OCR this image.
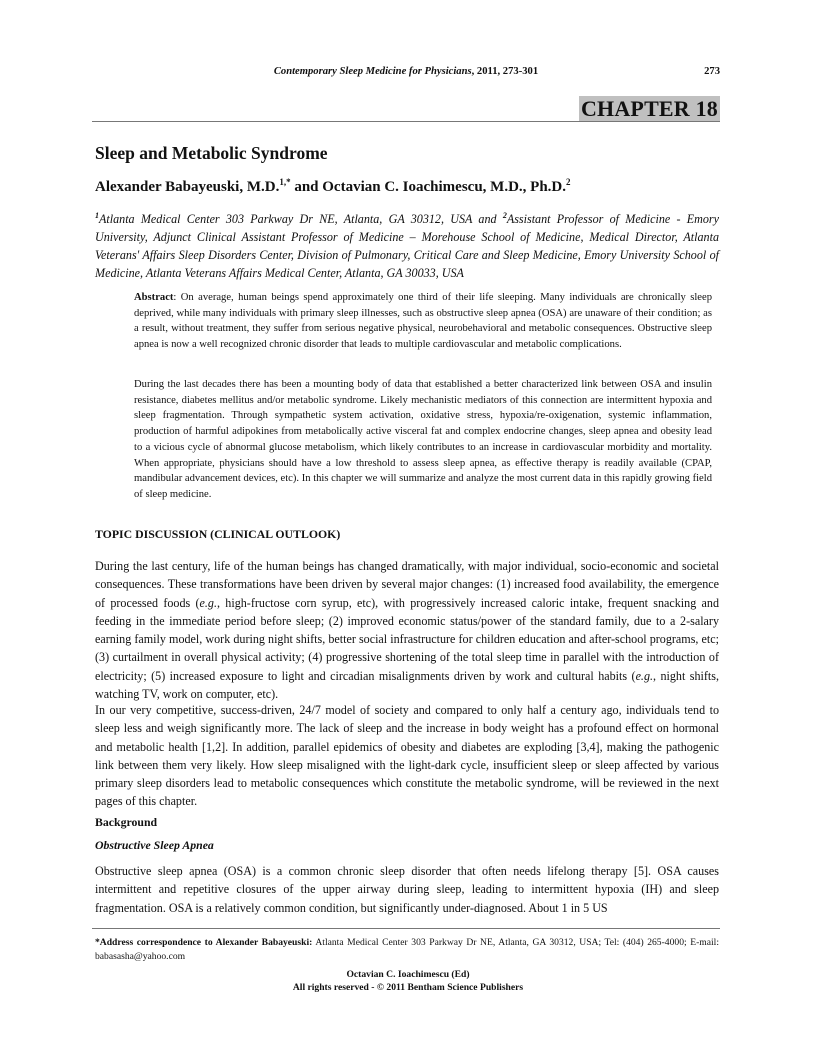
Contemporary Sleep Medicine for Physicians, 2011, 273-301	273
CHAPTER 18
Sleep and Metabolic Syndrome
Alexander Babayeuski, M.D.$^{1,*}$ and Octavian C. Ioachimescu, M.D., Ph.D.$^2$
$^1$Atlanta Medical Center 303 Parkway Dr NE, Atlanta, GA 30312, USA and $^2$Assistant Professor of Medicine - Emory University, Adjunct Clinical Assistant Professor of Medicine – Morehouse School of Medicine, Medical Director, Atlanta Veterans' Affairs Sleep Disorders Center, Division of Pulmonary, Critical Care and Sleep Medicine, Emory University School of Medicine, Atlanta Veterans Affairs Medical Center, Atlanta, GA 30033, USA
Abstract: On average, human beings spend approximately one third of their life sleeping. Many individuals are chronically sleep deprived, while many individuals with primary sleep illnesses, such as obstructive sleep apnea (OSA) are unaware of their condition; as a result, without treatment, they suffer from serious negative physical, neurobehavioral and metabolic consequences. Obstructive sleep apnea is now a well recognized chronic disorder that leads to multiple cardiovascular and metabolic complications.
During the last decades there has been a mounting body of data that established a better characterized link between OSA and insulin resistance, diabetes mellitus and/or metabolic syndrome. Likely mechanistic mediators of this connection are intermittent hypoxia and sleep fragmentation. Through sympathetic system activation, oxidative stress, hypoxia/re-oxigenation, systemic inflammation, production of harmful adipokines from metabolically active visceral fat and complex endocrine changes, sleep apnea and obesity lead to a vicious cycle of abnormal glucose metabolism, which likely contributes to an increase in cardiovascular morbidity and mortality. When appropriate, physicians should have a low threshold to assess sleep apnea, as effective therapy is readily available (CPAP, mandibular advancement devices, etc). In this chapter we will summarize and analyze the most current data in this rapidly growing field of sleep medicine.
TOPIC DISCUSSION (CLINICAL OUTLOOK)
During the last century, life of the human beings has changed dramatically, with major individual, socio-economic and societal consequences. These transformations have been driven by several major changes: (1) increased food availability, the emergence of processed foods (e.g., high-fructose corn syrup, etc), with progressively increased caloric intake, frequent snacking and feeding in the immediate period before sleep; (2) improved economic status/power of the standard family, due to a 2-salary earning family model, work during night shifts, better social infrastructure for children education and after-school programs, etc; (3) curtailment in overall physical activity; (4) progressive shortening of the total sleep time in parallel with the introduction of electricity; (5) increased exposure to light and circadian misalignments driven by work and cultural habits (e.g., night shifts, watching TV, work on computer, etc).
In our very competitive, success-driven, 24/7 model of society and compared to only half a century ago, individuals tend to sleep less and weigh significantly more. The lack of sleep and the increase in body weight has a profound effect on hormonal and metabolic health [1,2]. In addition, parallel epidemics of obesity and diabetes are exploding [3,4], making the pathogenic link between them very likely. How sleep misaligned with the light-dark cycle, insufficient sleep or sleep affected by various primary sleep disorders lead to metabolic consequences which constitute the metabolic syndrome, will be reviewed in the next pages of this chapter.
Background
Obstructive Sleep Apnea
Obstructive sleep apnea (OSA) is a common chronic sleep disorder that often needs lifelong therapy [5]. OSA causes intermittent and repetitive closures of the upper airway during sleep, leading to intermittent hypoxia (IH) and sleep fragmentation. OSA is a relatively common condition, but significantly under-diagnosed. About 1 in 5 US
*Address correspondence to Alexander Babayeuski: Atlanta Medical Center 303 Parkway Dr NE, Atlanta, GA 30312, USA; Tel: (404) 265-4000; E-mail: babasasha@yahoo.com
Octavian C. Ioachimescu (Ed)
All rights reserved - © 2011 Bentham Science Publishers
